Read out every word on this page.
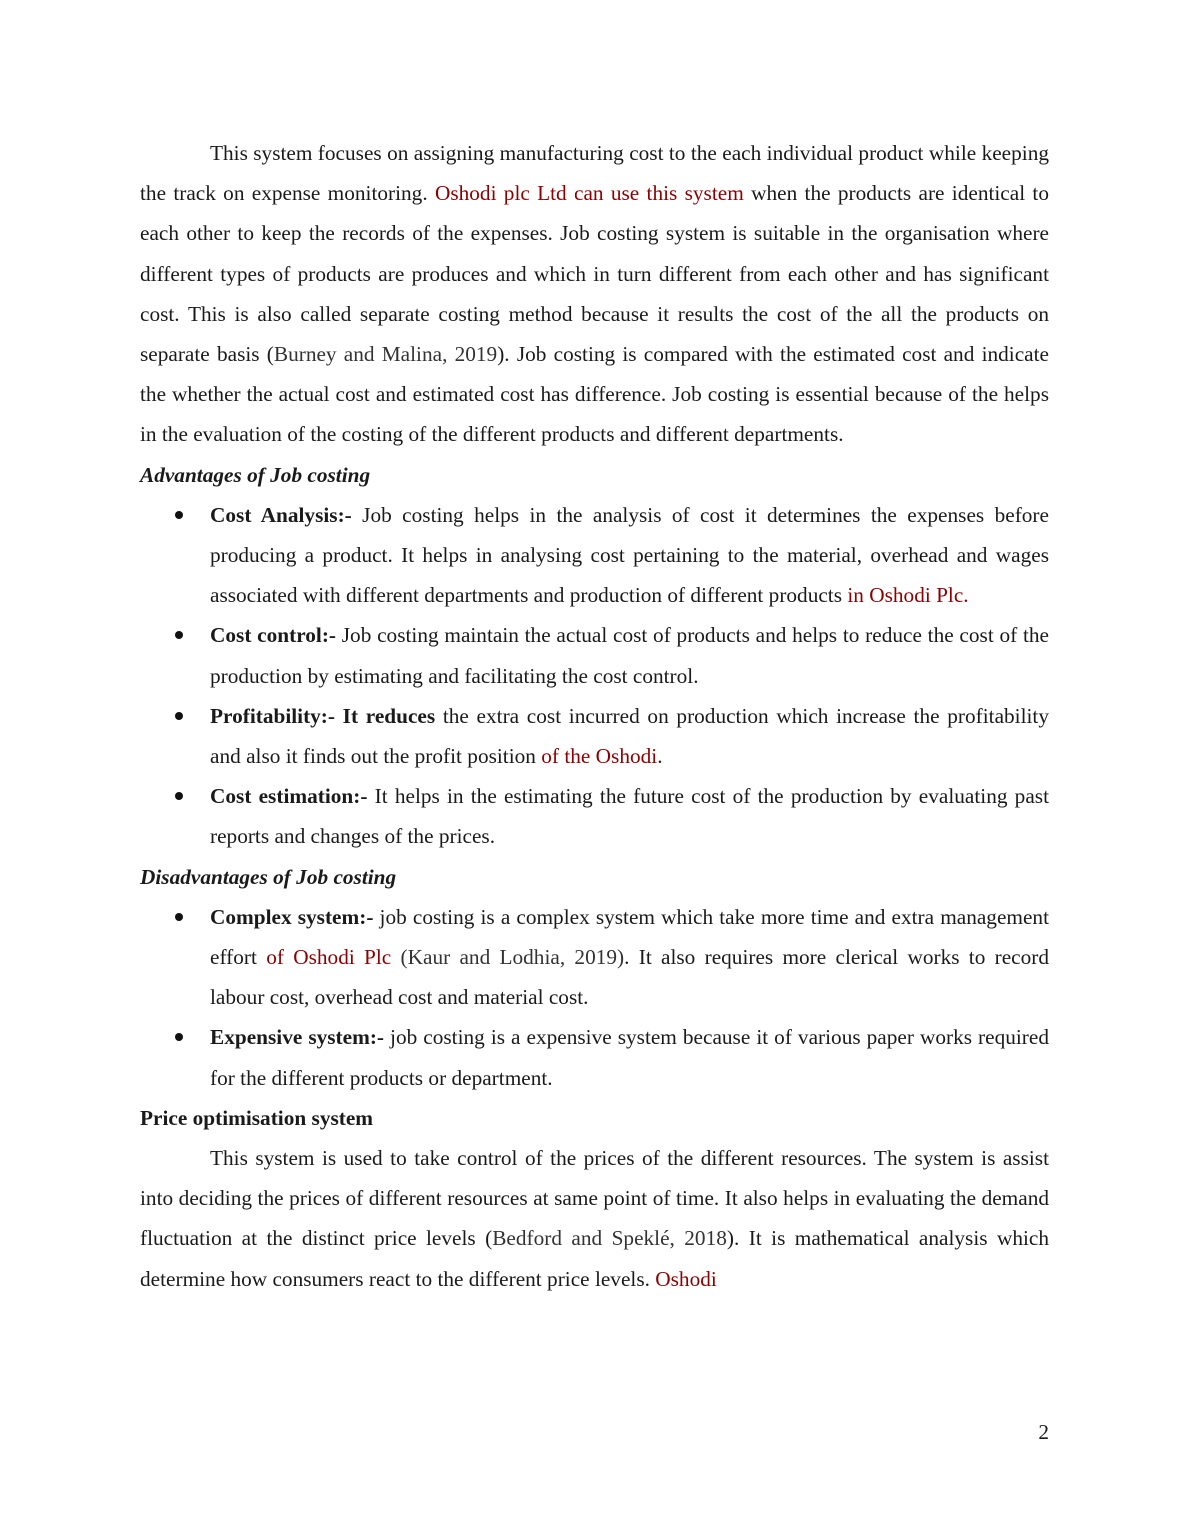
This system focuses on assigning manufacturing cost to the each individual product while keeping the track on expense monitoring. Oshodi plc Ltd can use this system when the products are identical to each other to keep the records of the expenses. Job costing system is suitable in the organisation where different types of products are produces and which in turn different from each other and has significant cost. This is also called separate costing method because it results the cost of the all the products on separate basis (Burney and Malina, 2019). Job costing is compared with the estimated cost and indicate the whether the actual cost and estimated cost has difference. Job costing is essential because of the helps in the evaluation of the costing of the different products and different departments.

Advantages of Job costing

Cost Analysis:- Job costing helps in the analysis of cost it determines the expenses before producing a product. It helps in analysing cost pertaining to the material, overhead and wages associated with different departments and production of different products in Oshodi Plc.
Cost control:- Job costing maintain the actual cost of products and helps to reduce the cost of the production by estimating and facilitating the cost control.
Profitability:- It reduces the extra cost incurred on production which increase the profitability and also it finds out the profit position of the Oshodi.
Cost estimation:- It helps in the estimating the future cost of the production by evaluating past reports and changes of the prices.

Disadvantages of Job costing

Complex system:- job costing is a complex system which take more time and extra management effort of Oshodi Plc (Kaur and Lodhia, 2019). It also requires more clerical works to record labour cost, overhead cost and material cost.
Expensive system:- job costing is a expensive system because it of various paper works required for the different products or department.

Price optimisation system

This system is used to take control of the prices of the different resources. The system is assist into deciding the prices of different resources at same point of time. It also helps in evaluating the demand fluctuation at the distinct price levels (Bedford and Speklé, 2018). It is mathematical analysis which determine how consumers react to the different price levels. Oshodi

2
